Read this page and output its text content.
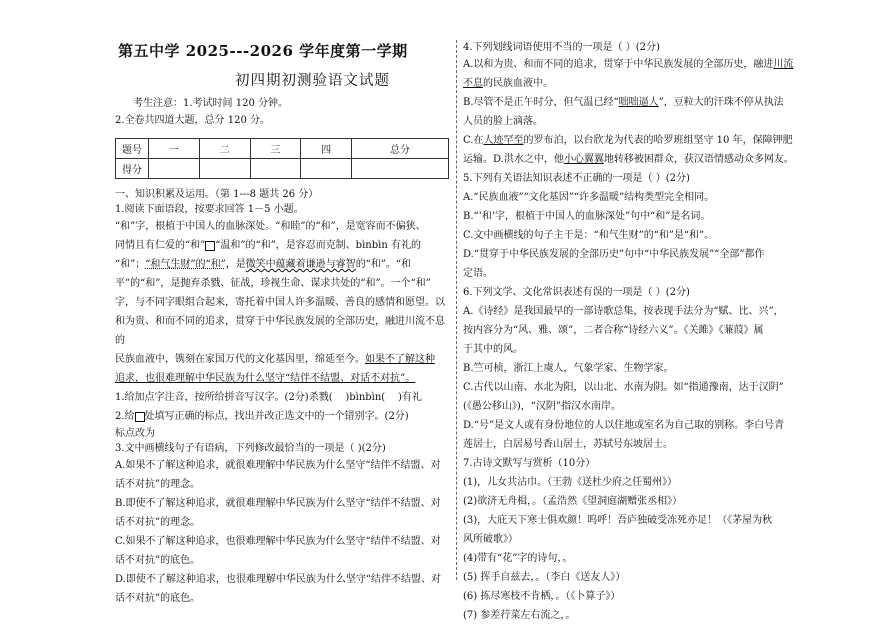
第五中学 2025---2026 学年度第一学期
初四期初测验语文试题

考生注意：1.考试时间 120 分钟。

2.全卷共四道大题，总分 120 分。

题号	一	二	三	四	总分
得分					

一、知识积累及运用。（第 1---8 题共 26 分）

1.阅读下面语段，按要求回答 1－5 小题。

“和”字，根植于中国人的血脉深处。“和睦”的“和”，是宽容而不偏狭、

同情且有仁爱的“和” “温和”的“和”，是容忍而克制、bìnbìn 有礼的

“和”；“和气生财”的“和”，是微笑中蕴藏着谦逊与睿智的“和”。“和

平”的“和”，是抛弃杀戮、征战，珍视生命、谋求共处的“和”。一个“和”

字，与不同字眼组合起来，寄托着中国人许多温暖、善良的感情和愿望。以

和为贵、和而不同的追求，贯穿于中华民族发展的全部历史，融进川流不息的

民族血液中，镌刻在家国万代的文化基因里，绵延至今。如果不了解这种

追求，也很难理解中华民族为什么坚守“结伴不结盟、对话不对抗”。

1.给加点字注音，按所给拼音写汉字。(2分)杀戮( )bìnbìn( )有礼

2.给 处填写正确的标点，找出并改正选文中的一个错别字。(2分)

标点改为

3.文中画横线句子有语病，下列修改最恰当的一项是（ )(2分)

A.如果不了解这种追求，就很难理解中华民族为什么坚守“结伴不结盟、对

话不对抗”的理念。

B.即使不了解这种追求，就很难理解中华民族为什么坚守“结伴不结盟、对

话不对抗”的理念。

C.如果不了解这种追求，也很难理解中华民族为什么坚守“结伴不结盟、对

话不对抗”的底色。

D.即使不了解这种追求，也很难理解中华民族为什么坚守“结伴不结盟、对

话不对抗”的底色。

4.下列划线词语使用不当的一项是（ ）(2分)

A.以和为贵、和而不同的追求，贯穿于中华民族发展的全部历史，融进川流

不息的民族血液中。

B.尽管不是正午时分，但气温已经“咄咄逼人”，豆粒大的汗珠不停从执法

人员的脸上滴落。

C.在人迹罕至的罗布泊，以台欣龙为代表的哈罗班组坚守 10 年，保障钾肥

运输。D.洪水之中，他小心翼翼地转移被困群众，获汉语情感动众多网友。

5.下列有关语法知识表述不正确的一项是（ ）(2分)

A.“民族血液”“文化基因”“许多温暖”结构类型完全相同。

B.“‘和’字，根植于中国人的血脉深处”句中“和”是名词。

C.文中画横线的句子主干是：“和气生财”的“和”是“和”。

D.“贯穿于中华民族发展的全部历史”句中“中华民族发展”“全部”都作

定语。

6.下列文学、文化常识表述有误的一项是（ ）(2分)

A.《诗经》是我国最早的一部诗歌总集，按表现手法分为“赋、比、兴”，

按内容分为“风、雅、颂”，二者合称“诗经六义”。《关雎》《蒹葭》属

于其中的风。

B.竺可桢，浙江上虞人，气象学家、生物学家。

C.古代以山南、水北为阳，以山北、水南为阴。如“指通豫南，达于汉阴”

(《愚公移山》)，“汉阴”指汉水南岸。

D.“号”是文人或有身份地位的人以住地或室名为自己取的别称。李白号青

莲居士，白居易号香山居士，苏轼号东坡居士。

7.古诗文默写与赏析（10分）

(1)，儿女共沾巾。（王勃《送杜少府之任蜀州》）

(2)欲济无舟楫，。（孟浩然《望洞庭湖赠张丞相》）

(3)，大庇天下寒士俱欢颜！呜呼！吾庐独破受冻死亦足！（《茅屋为秋

风所破歌》）

(4)带有“花”字的诗句，。

(5) 挥手自兹去，。（李白《送友人》）

(6) 拣尽寒枝不肯栖，。（《卜算子》）

(7) 参差荇菜左右流之，。
